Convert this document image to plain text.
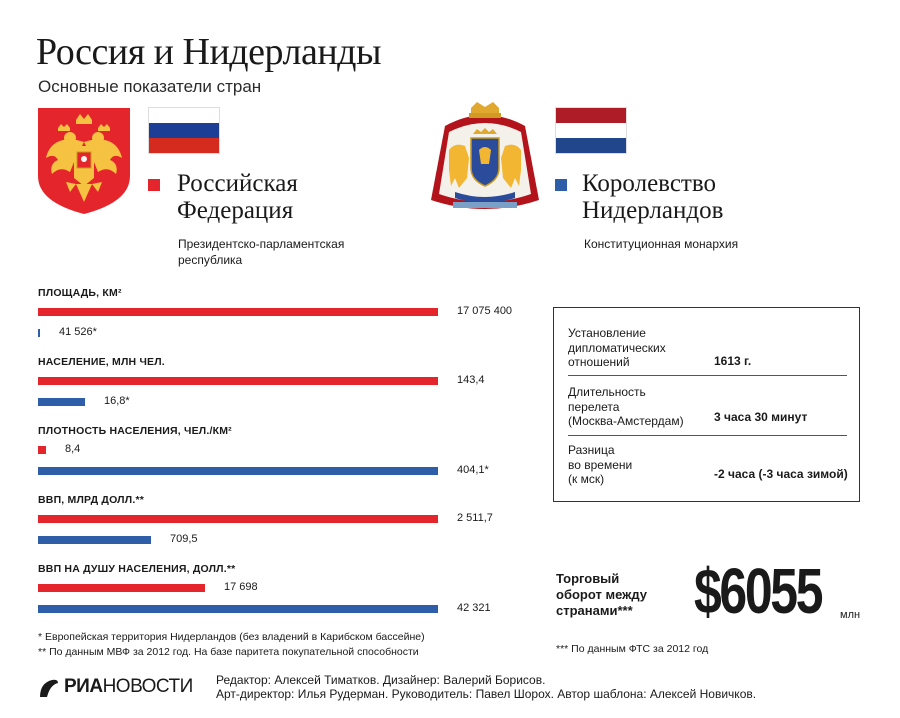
Россия и Нидерланды
Основные показатели стран
Российская
Федерация
Президентско-парламентская
республика
Королевство
Нидерландов
Конституционная монархия
ПЛОЩАДЬ, КМ²
17 075 400
41 526*
НАСЕЛЕНИЕ, МЛН ЧЕЛ.
143,4
16,8*
ПЛОТНОСТЬ НАСЕЛЕНИЯ, ЧЕЛ./КМ²
8,4
404,1*
ВВП, МЛРД ДОЛЛ.**
2 511,7
709,5
ВВП НА ДУШУ НАСЕЛЕНИЯ, ДОЛЛ.**
17 698
42 321
Установление
дипломатических
отношений	1613 г.
Длительность
перелета
(Москва-Амстердам)	3 часа 30 минут
Разница
во времени
(к мск)	-2 часа (-3 часа зимой)
Торговый
оборот между
странами*** $6055 млн
* Европейская территория Нидерландов (без владений в Карибском бассейне)
** По данным МВФ за 2012 год. На базе паритета покупательной способности	*** По данным ФТС за 2012 год
РИАНОВОСТИ Редактор: Алексей Тиматков. Дизайнер: Валерий Борисов.
Арт-директор: Илья Рудерман. Руководитель: Павел Шорох. Автор шаблона: Алексей Новичков.
